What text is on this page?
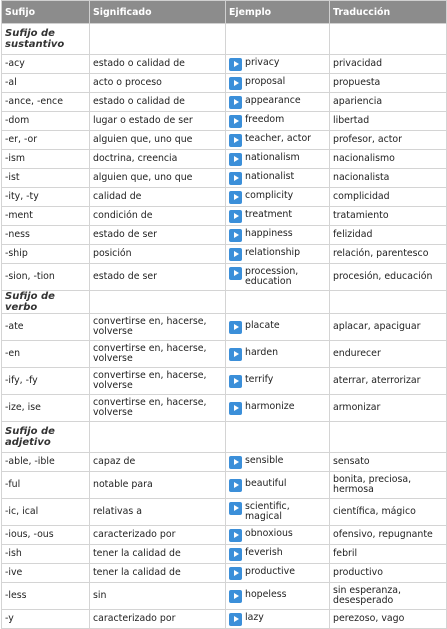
Sufijo	Significado	Ejemplo	Traducción
Sufijo de sustantivo			
-acy	estado o calidad de	privacy	privacidad
-al	acto o proceso	proposal	propuesta
-ance, -ence	estado o calidad de	appearance	apariencia
-dom	lugar o estado de ser	freedom	libertad
-er, -or	alguien que, uno que	teacher, actor	profesor, actor
-ism	doctrina, creencia	nationalism	nacionalismo
-ist	alguien que, uno que	nationalist	nacionalista
-ity, -ty	calidad de	complicity	complicidad
-ment	condición de	treatment	tratamiento
-ness	estado de ser	happiness	felizidad
-ship	posición	relationship	relación, parentesco
-sion, -tion	estado de ser	procession, education	procesión, educación
Sufijo de verbo			
-ate	convertirse en, hacerse, volverse	placate	aplacar, apaciguar
-en	convertirse en, hacerse, volverse	harden	endurecer
-ify, -fy	convertirse en, hacerse, volverse	terrify	aterrar, aterrorizar
-ize, ise	convertirse en, hacerse, volverse	harmonize	armonizar
Sufijo de adjetivo			
-able, -ible	capaz de	sensible	sensato
-ful	notable para	beautiful	bonita, preciosa, hermosa
-ic, ical	relativas a	scientific, magical	científica, mágico
-ious, -ous	caracterizado por	obnoxious	ofensivo, repugnante
-ish	tener la calidad de	feverish	febril
-ive	tener la calidad de	productive	productivo
-less	sin	hopeless	sin esperanza, desesperado
-y	caracterizado por	lazy	perezoso, vago
